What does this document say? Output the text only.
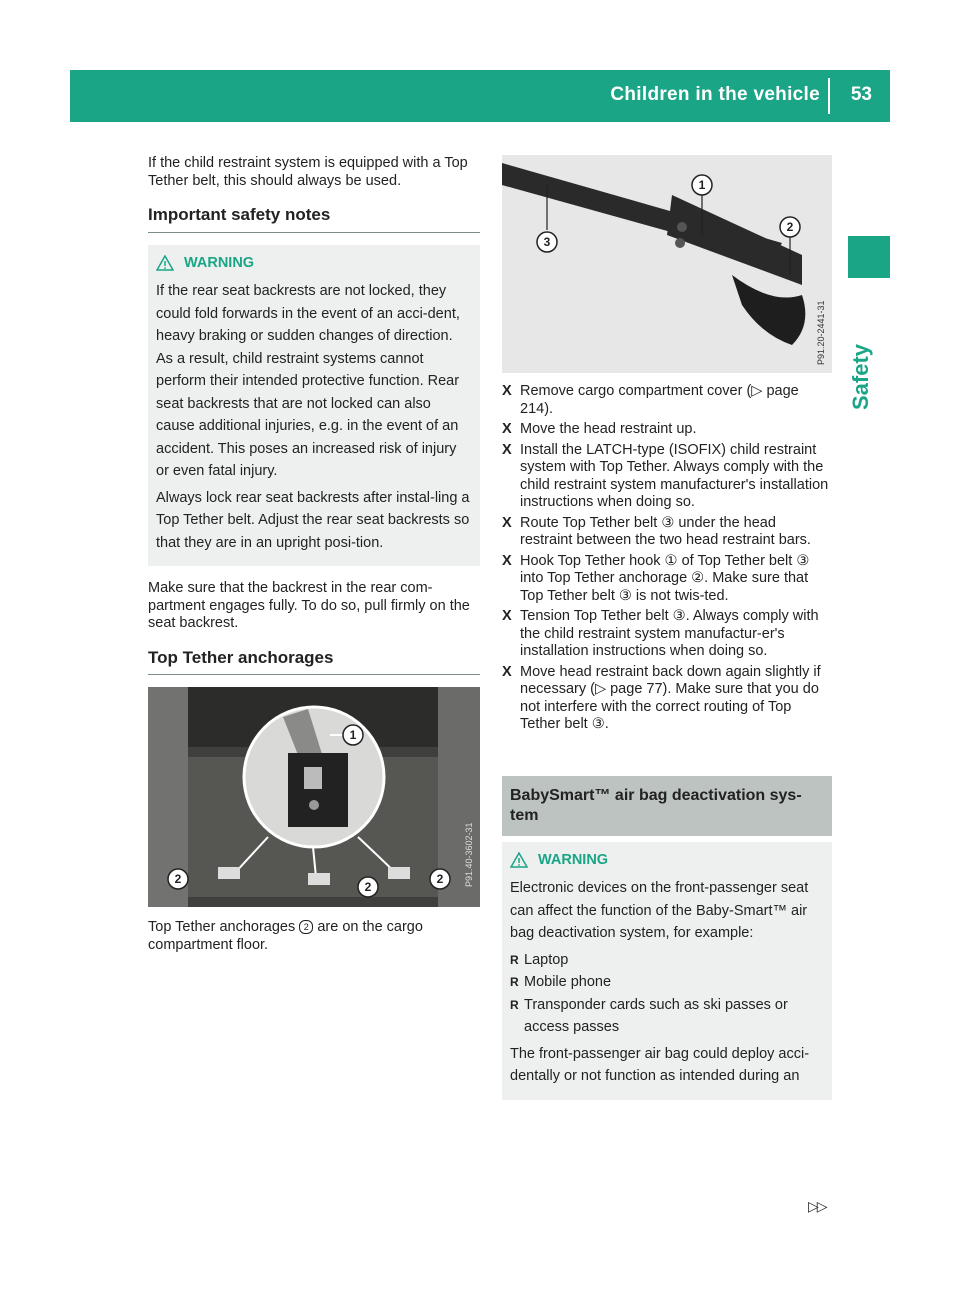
Children in the vehicle 53
Safety

If the child restraint system is equipped with a Top Tether belt, this should always be used.

Important safety notes
WARNING

If the rear seat backrests are not locked, they could fold forwards in the event of an acci-dent, heavy braking or sudden changes of direction. As a result, child restraint systems cannot perform their intended protective function. Rear seat backrests that are not locked can also cause additional injuries, e.g. in the event of an accident. This poses an increased risk of injury or even fatal injury.

Always lock rear seat backrests after instal-ling a Top Tether belt. Adjust the rear seat backrests so that they are in an upright posi-tion.

Make sure that the backrest in the rear com-partment engages fully. To do so, pull firmly on the seat backrest.

Top Tether anchorages
1
2
2
2 P91.40-3602-31

Top Tether anchorages 2 are on the cargo compartment floor.

1
2
3
P91.20-2441-31
X Remove cargo compartment cover (▷ page 214).
X Move the head restraint up.
X Install the LATCH-type (ISOFIX) child restraint system with Top Tether. Always comply with the child restraint system manufacturer's installation instructions when doing so.
X Route Top Tether belt ③ under the head restraint between the two head restraint bars.
X Hook Top Tether hook ① of Top Tether belt ③ into Top Tether anchorage ②. Make sure that Top Tether belt ③ is not twis-ted.
X Tension Top Tether belt ③. Always comply with the child restraint system manufactur-er's installation instructions when doing so.
X Move head restraint back down again slightly if necessary (▷ page 77). Make sure that you do not interfere with the correct routing of Top Tether belt ③.
BabySmart™ air bag deactivation sys-tem
WARNING

Electronic devices on the front-passenger seat can affect the function of the Baby-Smart™ air bag deactivation system, for example:

R Laptop
R Mobile phone
R Transponder cards such as ski passes or access passes

The front-passenger air bag could deploy acci-dentally or not function as intended during an

▷▷
